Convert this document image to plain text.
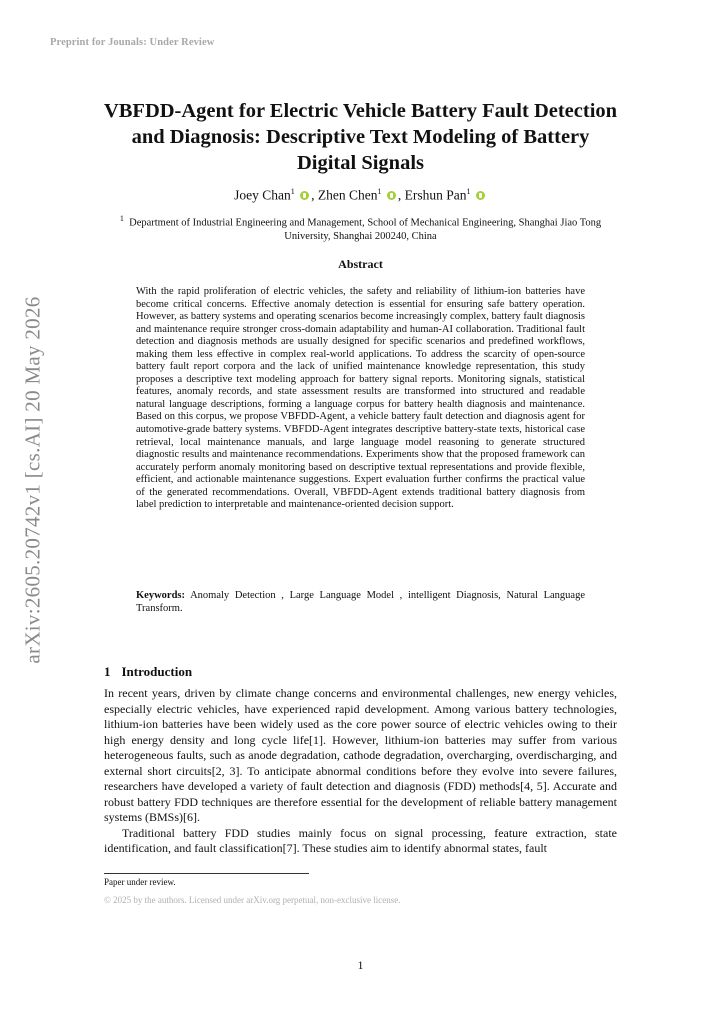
Preprint for Jounals: Under Review
arXiv:2605.20742v1 [cs.AI] 20 May 2026
VBFDD-Agent for Electric Vehicle Battery Fault Detection and Diagnosis: Descriptive Text Modeling of Battery Digital Signals
Joey Chan$^1$ , Zhen Chen$^1$ , Ershun Pan$^1$
$^1$ Department of Industrial Engineering and Management, School of Mechanical Engineering, Shanghai Jiao Tong University, Shanghai 200240, China
Abstract
With the rapid proliferation of electric vehicles, the safety and reliability of lithium-ion batteries have become critical concerns. Effective anomaly detection is essential for ensuring safe battery operation. However, as battery systems and operating scenarios become increasingly complex, battery fault diagnosis and maintenance require stronger cross-domain adaptability and human-AI collaboration. Traditional fault detection and diagnosis methods are usually designed for specific scenarios and predefined workflows, making them less effective in complex real-world applications. To address the scarcity of open-source battery fault report corpora and the lack of unified maintenance knowledge representation, this study proposes a descriptive text modeling approach for battery signal reports. Monitoring signals, statistical features, anomaly records, and state assessment results are transformed into structured and readable natural language descriptions, forming a language corpus for battery health diagnosis and maintenance. Based on this corpus, we propose VBFDD-Agent, a vehicle battery fault detection and diagnosis agent for automotive-grade battery systems. VBFDD-Agent integrates descriptive battery-state texts, historical case retrieval, local maintenance manuals, and large language model reasoning to generate structured diagnostic results and maintenance recommendations. Experiments show that the proposed framework can accurately perform anomaly monitoring based on descriptive textual representations and provide flexible, efficient, and actionable maintenance suggestions. Expert evaluation further confirms the practical value of the generated recommendations. Overall, VBFDD-Agent extends traditional battery diagnosis from label prediction to interpretable and maintenance-oriented decision support.
Keywords: Anomaly Detection , Large Language Model , intelligent Diagnosis, Natural Language Transform.
1 Introduction

In recent years, driven by climate change concerns and environmental challenges, new energy vehicles, especially electric vehicles, have experienced rapid development. Among various battery technologies, lithium-ion batteries have been widely used as the core power source of electric vehicles owing to their high energy density and long cycle life[1]. However, lithium-ion batteries may suffer from various heterogeneous faults, such as anode degradation, cathode degradation, overcharging, overdischarging, and external short circuits[2, 3]. To anticipate abnormal conditions before they evolve into severe failures, researchers have developed a variety of fault detection and diagnosis (FDD) methods[4, 5]. Accurate and robust battery FDD techniques are therefore essential for the development of reliable battery management systems (BMSs)[6].

Traditional battery FDD studies mainly focus on signal processing, feature extraction, state identification, and fault classification[7]. These studies aim to identify abnormal states, fault

Paper under review.
© 2025 by the authors. Licensed under arXiv.org perpetual, non-exclusive license.
1
